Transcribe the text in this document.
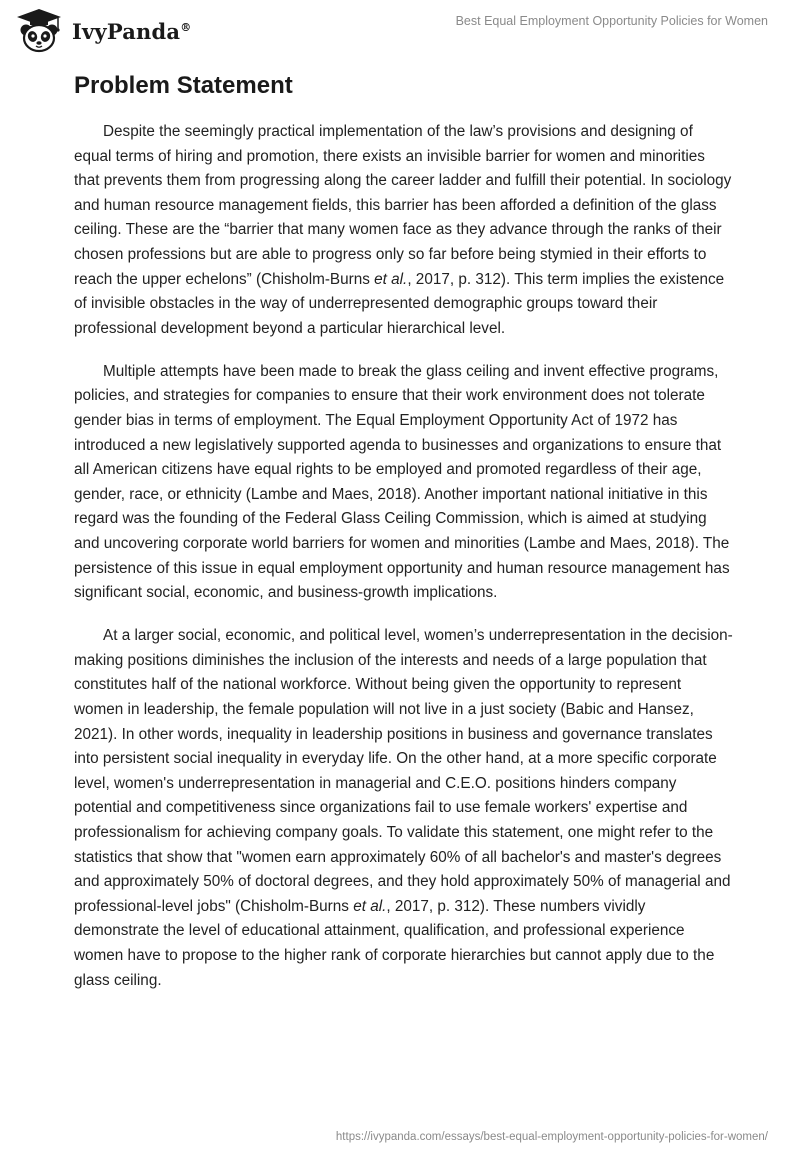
IvyPanda®	Best Equal Employment Opportunity Policies for Women
Problem Statement

Despite the seemingly practical implementation of the law’s provisions and designing of equal terms of hiring and promotion, there exists an invisible barrier for women and minorities that prevents them from progressing along the career ladder and fulfill their potential. In sociology and human resource management fields, this barrier has been afforded a definition of the glass ceiling. These are the “barrier that many women face as they advance through the ranks of their chosen professions but are able to progress only so far before being stymied in their efforts to reach the upper echelons” (Chisholm-Burns et al., 2017, p. 312). This term implies the existence of invisible obstacles in the way of underrepresented demographic groups toward their professional development beyond a particular hierarchical level.

Multiple attempts have been made to break the glass ceiling and invent effective programs, policies, and strategies for companies to ensure that their work environment does not tolerate gender bias in terms of employment. The Equal Employment Opportunity Act of 1972 has introduced a new legislatively supported agenda to businesses and organizations to ensure that all American citizens have equal rights to be employed and promoted regardless of their age, gender, race, or ethnicity (Lambe and Maes, 2018). Another important national initiative in this regard was the founding of the Federal Glass Ceiling Commission, which is aimed at studying and uncovering corporate world barriers for women and minorities (Lambe and Maes, 2018). The persistence of this issue in equal employment opportunity and human resource management has significant social, economic, and business-growth implications.

At a larger social, economic, and political level, women’s underrepresentation in the decision-making positions diminishes the inclusion of the interests and needs of a large population that constitutes half of the national workforce. Without being given the opportunity to represent women in leadership, the female population will not live in a just society (Babic and Hansez, 2021). In other words, inequality in leadership positions in business and governance translates into persistent social inequality in everyday life. On the other hand, at a more specific corporate level, women's underrepresentation in managerial and C.E.O. positions hinders company potential and competitiveness since organizations fail to use female workers' expertise and professionalism for achieving company goals. To validate this statement, one might refer to the statistics that show that "women earn approximately 60% of all bachelor's and master's degrees and approximately 50% of doctoral degrees, and they hold approximately 50% of managerial and professional-level jobs" (Chisholm-Burns et al., 2017, p. 312). These numbers vividly demonstrate the level of educational attainment, qualification, and professional experience women have to propose to the higher rank of corporate hierarchies but cannot apply due to the glass ceiling.

https://ivypanda.com/essays/best-equal-employment-opportunity-policies-for-women/
